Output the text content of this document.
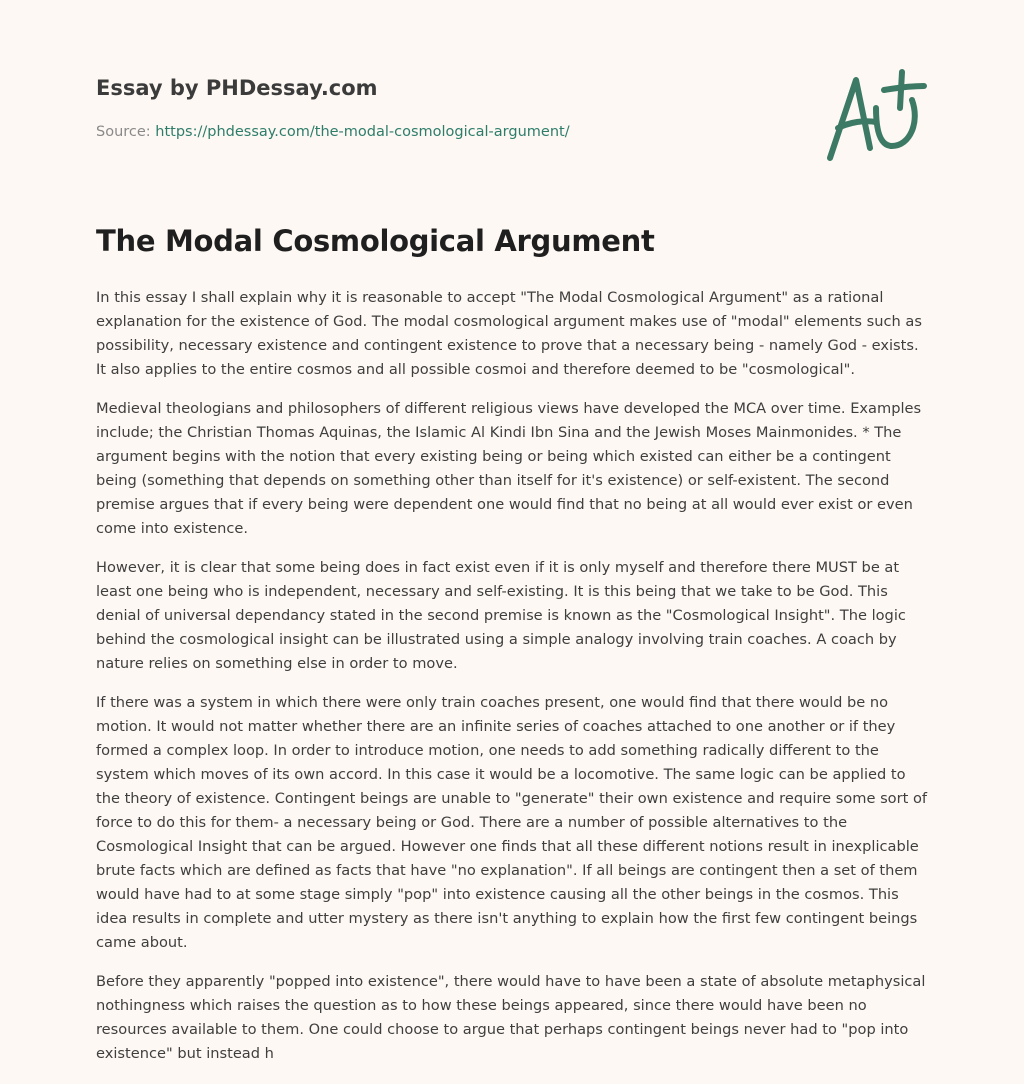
Essay by PHDessay.com
Source: https://phdessay.com/the-modal-cosmological-argument/
The Modal Cosmological Argument

In this essay I shall explain why it is reasonable to accept "The Modal Cosmological Argument" as a rational
explanation for the existence of God. The modal cosmological argument makes use of "modal" elements such as
possibility, necessary existence and contingent existence to prove that a necessary being - namely God - exists.
It also applies to the entire cosmos and all possible cosmoi and therefore deemed to be "cosmological".

Medieval theologians and philosophers of different religious views have developed the MCA over time. Examples
include; the Christian Thomas Aquinas, the Islamic Al Kindi Ibn Sina and the Jewish Moses Mainmonides. * The
argument begins with the notion that every existing being or being which existed can either be a contingent
being (something that depends on something other than itself for it's existence) or self-existent. The second
premise argues that if every being were dependent one would find that no being at all would ever exist or even
come into existence.

However, it is clear that some being does in fact exist even if it is only myself and therefore there MUST be at
least one being who is independent, necessary and self-existing. It is this being that we take to be God. This
denial of universal dependancy stated in the second premise is known as the "Cosmological Insight". The logic
behind the cosmological insight can be illustrated using a simple analogy involving train coaches. A coach by
nature relies on something else in order to move.

If there was a system in which there were only train coaches present, one would find that there would be no
motion. It would not matter whether there are an infinite series of coaches attached to one another or if they
formed a complex loop. In order to introduce motion, one needs to add something radically different to the
system which moves of its own accord. In this case it would be a locomotive. The same logic can be applied to
the theory of existence. Contingent beings are unable to "generate" their own existence and require some sort of
force to do this for them- a necessary being or God. There are a number of possible alternatives to the
Cosmological Insight that can be argued. However one finds that all these different notions result in inexplicable
brute facts which are defined as facts that have "no explanation". If all beings are contingent then a set of them
would have had to at some stage simply "pop" into existence causing all the other beings in the cosmos. This
idea results in complete and utter mystery as there isn't anything to explain how the first few contingent beings
came about.

Before they apparently "popped into existence", there would have to have been a state of absolute metaphysical
nothingness which raises the question as to how these beings appeared, since there would have been no
resources available to them. One could choose to argue that perhaps contingent beings never had to "pop into
existence" but instead h
